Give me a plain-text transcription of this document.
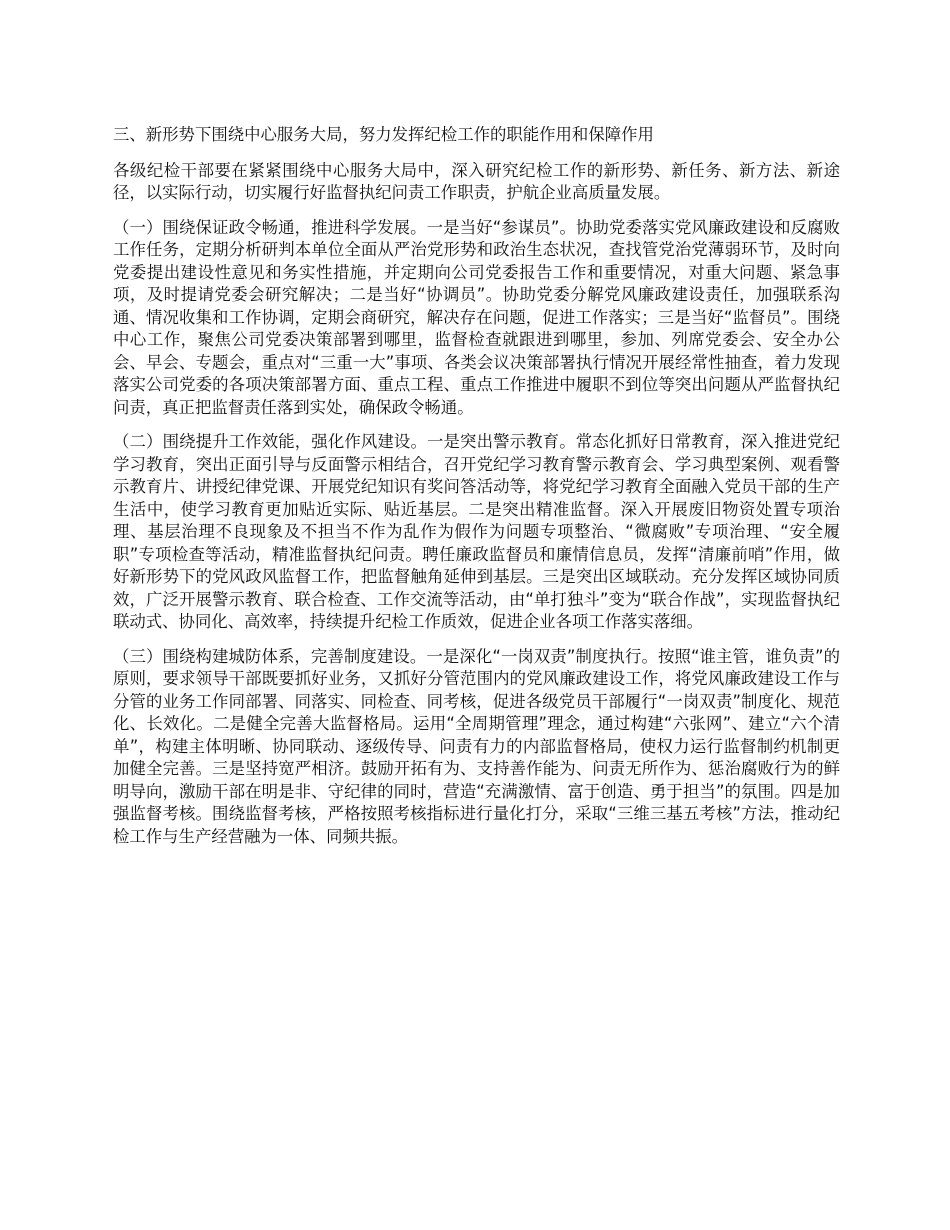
三、新形势下围绕中心服务大局，努力发挥纪检工作的职能作用和保障作用

各级纪检干部要在紧紧围绕中心服务大局中，深入研究纪检工作的新形势、新任务、新方法、新途径，以实际行动，切实履行好监督执纪问责工作职责，护航企业高质量发展。

（一）围绕保证政令畅通，推进科学发展。一是当好“参谋员”。协助党委落实党风廉政建设和反腐败工作任务，定期分析研判本单位全面从严治党形势和政治生态状况，查找管党治党薄弱环节，及时向党委提出建设性意见和务实性措施，并定期向公司党委报告工作和重要情况，对重大问题、紧急事项，及时提请党委会研究解决；二是当好“协调员”。协助党委分解党风廉政建设责任，加强联系沟通、情况收集和工作协调，定期会商研究，解决存在问题，促进工作落实；三是当好“监督员”。围绕中心工作，聚焦公司党委决策部署到哪里，监督检查就跟进到哪里，参加、列席党委会、安全办公会、早会、专题会，重点对“三重一大”事项、各类会议决策部署执行情况开展经常性抽查，着力发现落实公司党委的各项决策部署方面、重点工程、重点工作推进中履职不到位等突出问题从严监督执纪问责，真正把监督责任落到实处，确保政令畅通。

（二）围绕提升工作效能，强化作风建设。一是突出警示教育。常态化抓好日常教育，深入推进党纪学习教育，突出正面引导与反面警示相结合，召开党纪学习教育警示教育会、学习典型案例、观看警示教育片、讲授纪律党课、开展党纪知识有奖问答活动等，将党纪学习教育全面融入党员干部的生产生活中，使学习教育更加贴近实际、贴近基层。二是突出精准监督。深入开展废旧物资处置专项治理、基层治理不良现象及不担当不作为乱作为假作为问题专项整治、“微腐败”专项治理、“安全履职”专项检查等活动，精准监督执纪问责。聘任廉政监督员和廉情信息员，发挥“清廉前哨”作用，做好新形势下的党风政风监督工作，把监督触角延伸到基层。三是突出区域联动。充分发挥区域协同质效，广泛开展警示教育、联合检查、工作交流等活动，由“单打独斗”变为“联合作战”，实现监督执纪联动式、协同化、高效率，持续提升纪检工作质效，促进企业各项工作落实落细。

（三）围绕构建城防体系，完善制度建设。一是深化“一岗双责”制度执行。按照“谁主管，谁负责”的原则，要求领导干部既要抓好业务，又抓好分管范围内的党风廉政建设工作，将党风廉政建设工作与分管的业务工作同部署、同落实、同检查、同考核，促进各级党员干部履行“一岗双责”制度化、规范化、长效化。二是健全完善大监督格局。运用“全周期管理”理念，通过构建“六张网”、建立“六个清单”，构建主体明晰、协同联动、逐级传导、问责有力的内部监督格局，使权力运行监督制约机制更加健全完善。三是坚持宽严相济。鼓励开拓有为、支持善作能为、问责无所作为、惩治腐败行为的鲜明导向，激励干部在明是非、守纪律的同时，营造“充满激情、富于创造、勇于担当”的氛围。四是加强监督考核。围绕监督考核，严格按照考核指标进行量化打分，采取“三维三基五考核”方法，推动纪检工作与生产经营融为一体、同频共振。
